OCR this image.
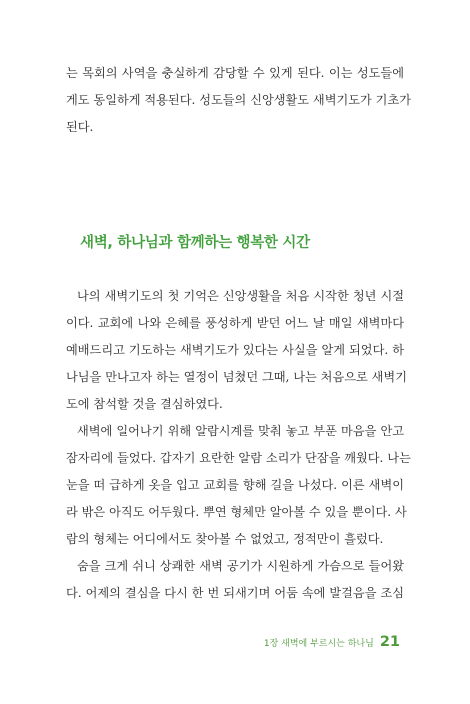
는 목회의 사역을 충실하게 감당할 수 있게 된다. 이는 성도들에
게도 동일하게 적용된다. 성도들의 신앙생활도 새벽기도가 기초가
된다.
새벽, 하나님과 함께하는 행복한 시간
나의 새벽기도의 첫 기억은 신앙생활을 처음 시작한 청년 시절
이다. 교회에 나와 은혜를 풍성하게 받던 어느 날 매일 새벽마다
예배드리고 기도하는 새벽기도가 있다는 사실을 알게 되었다. 하
나님을 만나고자 하는 열정이 넘쳤던 그때, 나는 처음으로 새벽기
도에 참석할 것을 결심하였다.
새벽에 일어나기 위해 알람시계를 맞춰 놓고 부푼 마음을 안고
잠자리에 들었다. 갑자기 요란한 알람 소리가 단잠을 깨웠다. 나는
눈을 떠 급하게 옷을 입고 교회를 향해 길을 나섰다. 이른 새벽이
라 밖은 아직도 어두웠다. 뿌연 형체만 알아볼 수 있을 뿐이다. 사
람의 형체는 어디에서도 찾아볼 수 없었고, 정적만이 흘렀다.
숨을 크게 쉬니 상쾌한 새벽 공기가 시원하게 가슴으로 들어왔
다. 어제의 결심을 다시 한 번 되새기며 어둠 속에 발걸음을 조심
1장 새벽에 부르시는 하나님 21
